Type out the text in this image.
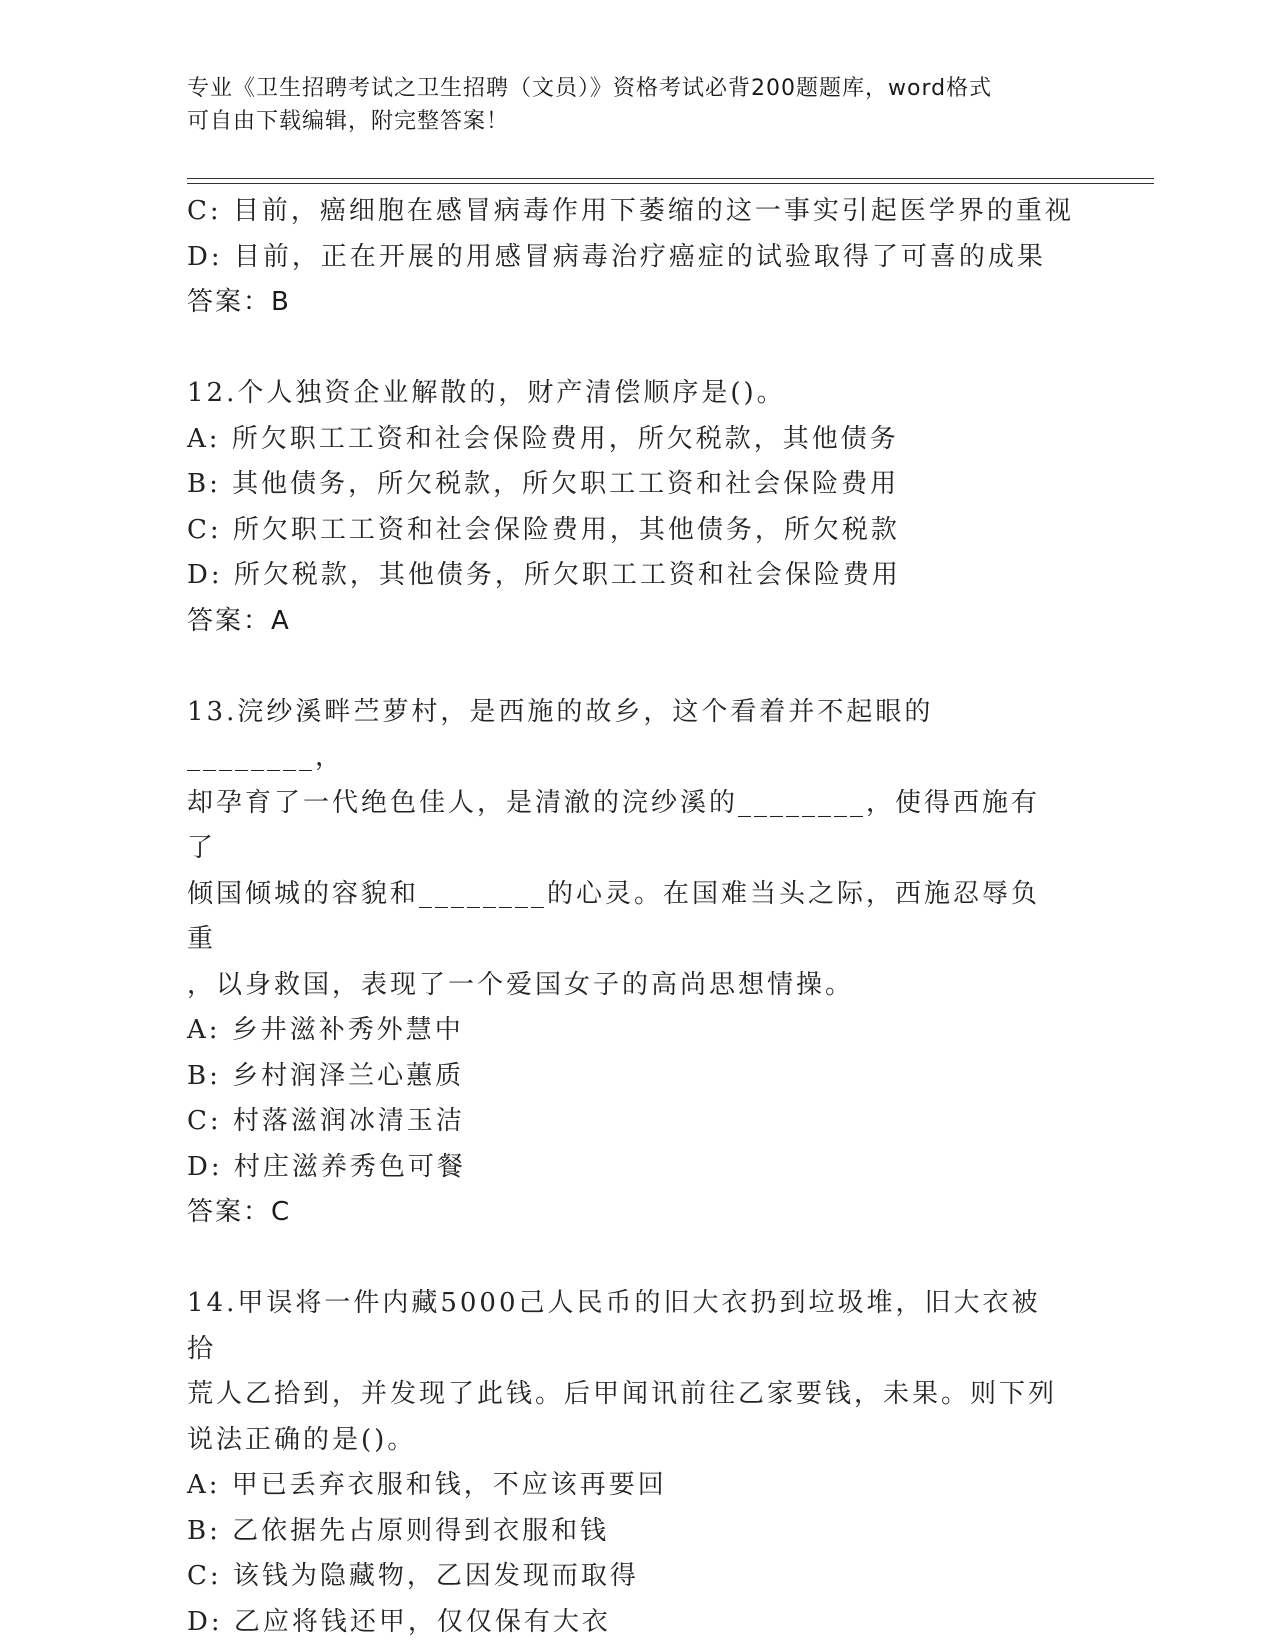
专业《卫生招聘考试之卫生招聘（文员）》资格考试必背200题题库，word格式
可自由下载编辑，附完整答案！
C: 目前，癌细胞在感冒病毒作用下萎缩的这一事实引起医学界的重视
D: 目前，正在开展的用感冒病毒治疗癌症的试验取得了可喜的成果
答案：B
12.个人独资企业解散的，财产清偿顺序是()。
A: 所欠职工工资和社会保险费用，所欠税款，其他债务
B: 其他债务，所欠税款，所欠职工工资和社会保险费用
C: 所欠职工工资和社会保险费用，其他债务，所欠税款
D: 所欠税款，其他债务，所欠职工工资和社会保险费用
答案：A
13.浣纱溪畔苎萝村，是西施的故乡，这个看着并不起眼的________，
却孕育了一代绝色佳人，是清澈的浣纱溪的________，使得西施有了
倾国倾城的容貌和________的心灵。在国难当头之际，西施忍辱负重
，以身救国，表现了一个爱国女子的高尚思想情操。
A: 乡井滋补秀外慧中
B: 乡村润泽兰心蕙质
C: 村落滋润冰清玉洁
D: 村庄滋养秀色可餐
答案：C
14.甲误将一件内藏5000己人民币的旧大衣扔到垃圾堆，旧大衣被拾
荒人乙拾到，并发现了此钱。后甲闻讯前往乙家要钱，未果。则下列
说法正确的是()。
A: 甲已丢弃衣服和钱，不应该再要回
B: 乙依据先占原则得到衣服和钱
C: 该钱为隐藏物，乙因发现而取得
D: 乙应将钱还甲，仅仅保有大衣
